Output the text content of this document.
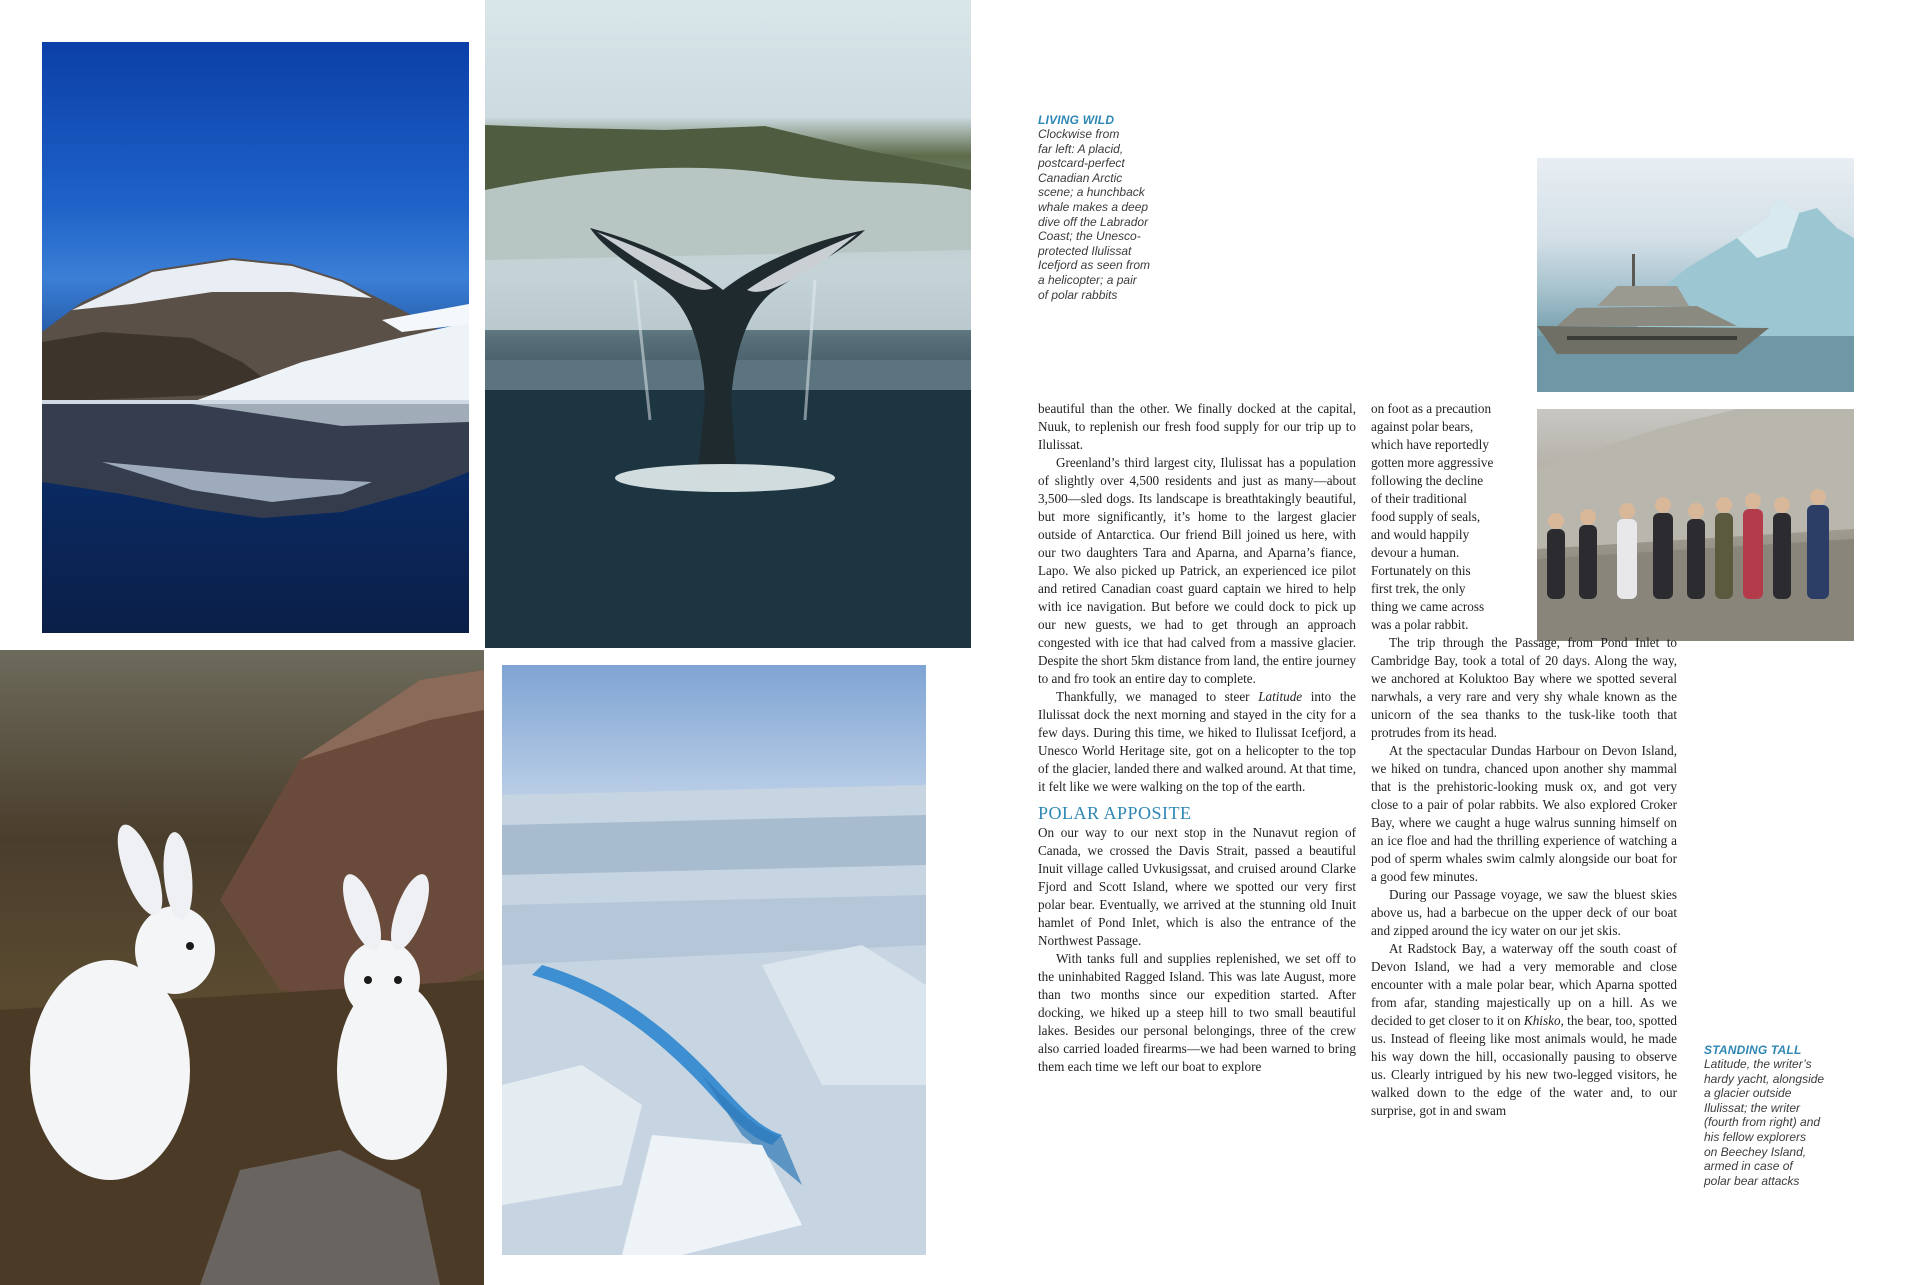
LIVING WILD
Clockwise from
far left: A placid,
postcard-perfect
Canadian Arctic
scene; a hunchback
whale makes a deep
dive off the Labrador
Coast; the Unesco-
protected Ilulissat
Icefjord as seen from
a helicopter; a pair
of polar rabbits
STANDING TALL
Latitude, the writer’s
hardy yacht, alongside
a glacier outside
Ilulissat; the writer
(fourth from right) and
his fellow explorers
on Beechey Island,
armed in case of
polar bear attacks

beautiful than the other. We finally docked at the capital, Nuuk, to replenish our fresh food supply for our trip up to Ilulissat.

Greenland’s third largest city, Ilulissat has a population of slightly over 4,500 residents and just as many—about 3,500—sled dogs. Its landscape is breathtakingly beautiful, but more significantly, it’s home to the largest glacier outside of Antarctica. Our friend Bill joined us here, with our two daughters Tara and Aparna, and Aparna’s fiance, Lapo. We also picked up Patrick, an experienced ice pilot and retired Canadian coast guard captain we hired to help with ice navigation. But before we could dock to pick up our new guests, we had to get through an approach congested with ice that had calved from a massive glacier. Despite the short 5km distance from land, the entire journey to and fro took an entire day to complete.

Thankfully, we managed to steer Latitude into the Ilulissat dock the next morning and stayed in the city for a few days. During this time, we hiked to Ilulissat Icefjord, a Unesco World Heritage site, got on a helicopter to the top of the glacier, landed there and walked around. At that time, it felt like we were walking on the top of the earth.

POLAR APPOSITE

On our way to our next stop in the Nunavut region of Canada, we crossed the Davis Strait, passed a beautiful Inuit village called Uvkusigssat, and cruised around Clarke Fjord and Scott Island, where we spotted our very first polar bear. Eventually, we arrived at the stunning old Inuit hamlet of Pond Inlet, which is also the entrance of the Northwest Passage.

With tanks full and supplies replenished, we set off to the uninhabited Ragged Island. This was late August, more than two months since our expedition started. After docking, we hiked up a steep hill to two small beautiful lakes. Besides our personal belongings, three of the crew also carried loaded firearms—we had been warned to bring them each time we left our boat to explore

on foot as a precaution
against polar bears,
which have reportedly
gotten more aggressive
following the decline
of their traditional
food supply of seals,
and would happily
devour a human.
Fortunately on this
first trek, the only
thing we came across
was a polar rabbit.

The trip through the Passage, from Pond Inlet to Cambridge Bay, took a total of 20 days. Along the way, we anchored at Koluktoo Bay where we spotted several narwhals, a very rare and very shy whale known as the unicorn of the sea thanks to the tusk-like tooth that protrudes from its head.

At the spectacular Dundas Harbour on Devon Island, we hiked on tundra, chanced upon another shy mammal that is the prehistoric-looking musk ox, and got very close to a pair of polar rabbits. We also explored Croker Bay, where we caught a huge walrus sunning himself on an ice floe and had the thrilling experience of watching a pod of sperm whales swim calmly alongside our boat for a good few minutes.

During our Passage voyage, we saw the bluest skies above us, had a barbecue on the upper deck of our boat and zipped around the icy water on our jet skis.

At Radstock Bay, a waterway off the south coast of Devon Island, we had a very memorable and close encounter with a male polar bear, which Aparna spotted from afar, standing majestically up on a hill. As we decided to get closer to it on Khisko, the bear, too, spotted us. Instead of fleeing like most animals would, he made his way down the hill, occasionally pausing to observe us. Clearly intrigued by his new two-legged visitors, he walked down to the edge of the water and, to our surprise, got in and swam
